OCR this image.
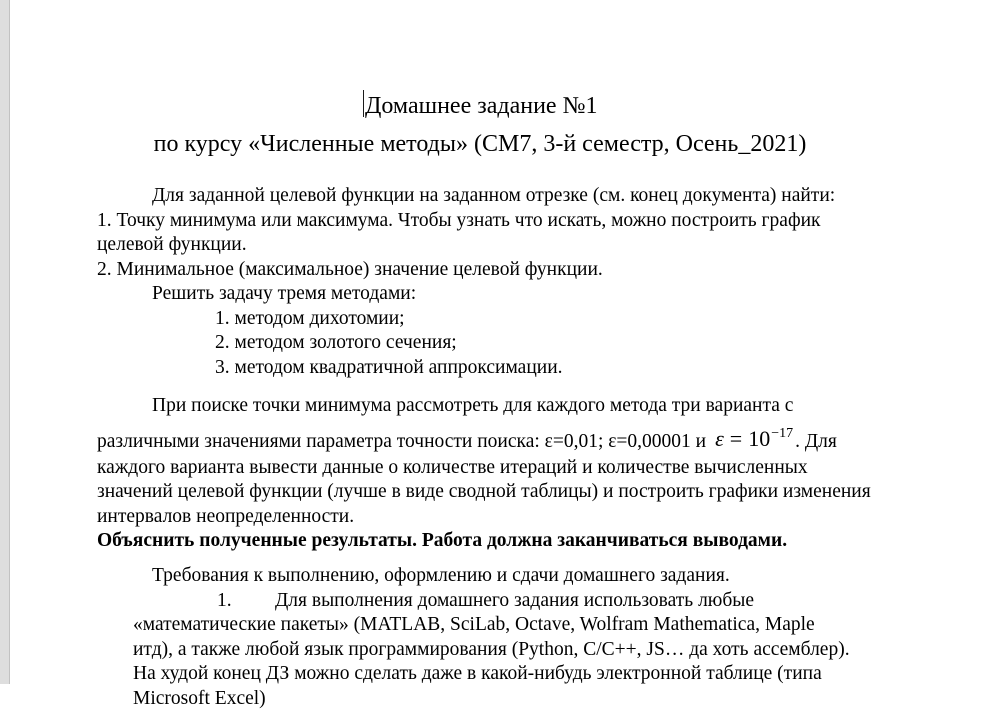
Домашнее задание №1
по курсу «Численные методы» (СМ7, 3-й семестр, Осень_2021)
Для заданной целевой функции на заданном отрезке (см. конец документа) найти:
1. Точку минимума или максимума. Чтобы узнать что искать, можно построить график
целевой функции.
2. Минимальное (максимальное) значение целевой функции.
Решить задачу тремя методами:
1. методом дихотомии;
2. методом золотого сечения;
3. методом квадратичной аппроксимации.
При поиске точки минимума рассмотреть для каждого метода три варианта с
различными значениями параметра точности поиска: ε=0,01; ε=0,00001 и $\varepsilon = 10^{-17}$ . Для
каждого варианта вывести данные о количестве итераций и количестве вычисленных
значений целевой функции (лучше в виде сводной таблицы) и построить графики изменения
интервалов неопределенности.
Объяснить полученные результаты. Работа должна заканчиваться выводами.
Требования к выполнению, оформлению и сдачи домашнего задания.
1. Для выполнения домашнего задания использовать любые
«математические пакеты» (MATLAB, SciLab, Octave, Wolfram Mathematica, Maple
итд), а также любой язык программирования (Python, C/C++, JS… да хоть ассемблер).
На худой конец ДЗ можно сделать даже в какой-нибудь электронной таблице (типа
Microsoft Excel)
